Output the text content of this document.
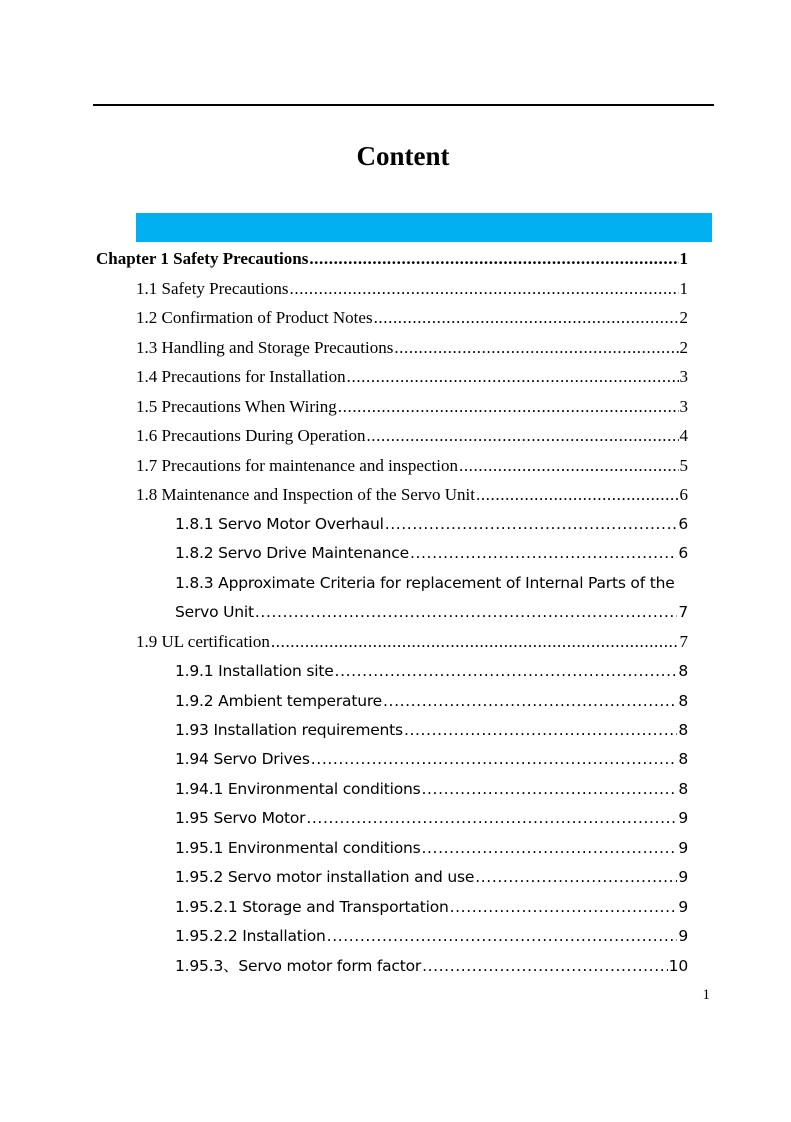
Content
Chapter 1 Safety Precautions .....	1
1.1 Safety Precautions .....	1
1.2 Confirmation of Product Notes .....	2
1.3 Handling and Storage Precautions .....	2
1.4 Precautions for Installation .....	3
1.5 Precautions When Wiring .....	3
1.6 Precautions During Operation .....	4
1.7 Precautions for maintenance and inspection .....	5
1.8 Maintenance and Inspection of the Servo Unit .....	6
1.8.1 Servo Motor Overhaul .....	6
1.8.2 Servo Drive Maintenance .....	6
1.8.3 Approximate Criteria for replacement of Internal Parts of the
Servo Unit .....	7
1.9 UL certification .....	7
1.9.1 Installation site .....	8
1.9.2 Ambient temperature .....	8
1.93 Installation requirements .....	8
1.94 Servo Drives .....	8
1.94.1 Environmental conditions .....	8
1.95 Servo Motor .....	9
1.95.1 Environmental conditions .....	9
1.95.2 Servo motor installation and use .....	9
1.95.2.1 Storage and Transportation .....	9
1.95.2.2 Installation .....	9
1.95.3、Servo motor form factor .....	10
1
